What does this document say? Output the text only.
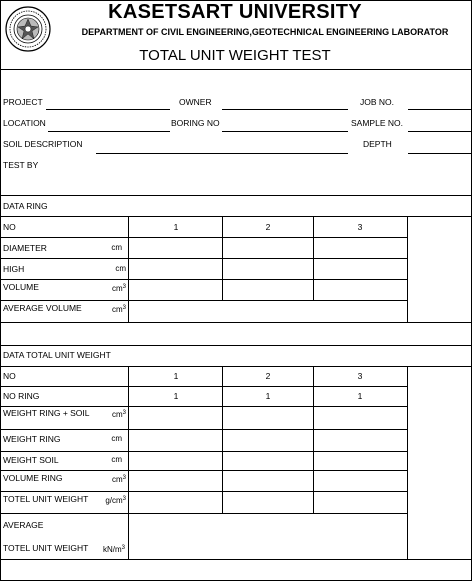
KASETSART UNIVERSITY
DEPARTMENT OF CIVIL ENGINEERING,GEOTECHNICAL ENGINEERING LABORATOR
TOTAL UNIT WEIGHT TEST
PROJECT	OWNER	JOB NO.
LOCATION	BORING NO	SAMPLE NO.
SOIL DESCRIPTION	DEPTH
TEST BY
DATA RING
NO	1	2	3
DIAMETER	cm
HIGH	cm
VOLUME	$cm^3$
AVERAGE VOLUME	$cm^3$
DATA TOTAL UNIT WEIGHT
NO	1	2	3
NO RING	1	1	1
WEIGHT RING + SOIL	$cm^3$
WEIGHT RING	cm
WEIGHT SOIL	cm
VOLUME RING	$cm^3$
TOTEL UNIT WEIGHT	$g/cm^3$
AVERAGE
TOTEL UNIT WEIGHT	$kN/m^3$
